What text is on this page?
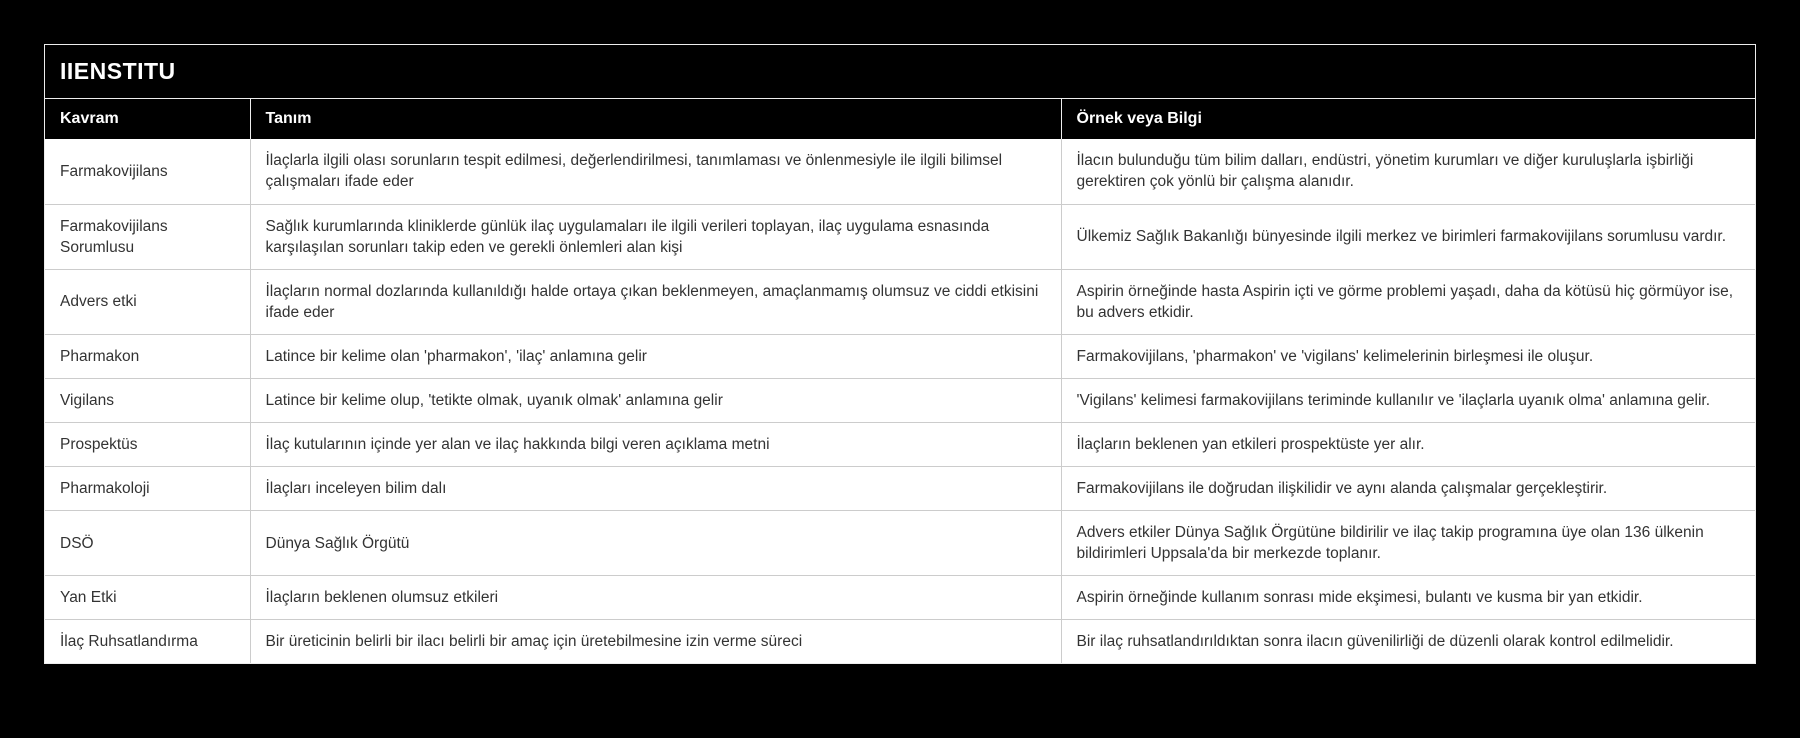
IIENSTITU
Kavram	Tanım	Örnek veya Bilgi
Farmakovijilans	İlaçlarla ilgili olası sorunların tespit edilmesi, değerlendirilmesi, tanımlaması ve önlenmesiyle ile ilgili bilimsel çalışmaları ifade eder	İlacın bulunduğu tüm bilim dalları, endüstri, yönetim kurumları ve diğer kuruluşlarla işbirliği gerektiren çok yönlü bir çalışma alanıdır.
Farmakovijilans Sorumlusu	Sağlık kurumlarında kliniklerde günlük ilaç uygulamaları ile ilgili verileri toplayan, ilaç uygulama esnasında karşılaşılan sorunları takip eden ve gerekli önlemleri alan kişi	Ülkemiz Sağlık Bakanlığı bünyesinde ilgili merkez ve birimleri farmakovijilans sorumlusu vardır.
Advers etki	İlaçların normal dozlarında kullanıldığı halde ortaya çıkan beklenmeyen, amaçlanmamış olumsuz ve ciddi etkisini ifade eder	Aspirin örneğinde hasta Aspirin içti ve görme problemi yaşadı, daha da kötüsü hiç görmüyor ise, bu advers etkidir.
Pharmakon	Latince bir kelime olan 'pharmakon', 'ilaç' anlamına gelir	Farmakovijilans, 'pharmakon' ve 'vigilans' kelimelerinin birleşmesi ile oluşur.
Vigilans	Latince bir kelime olup, 'tetikte olmak, uyanık olmak' anlamına gelir	'Vigilans' kelimesi farmakovijilans teriminde kullanılır ve 'ilaçlarla uyanık olma' anlamına gelir.
Prospektüs	İlaç kutularının içinde yer alan ve ilaç hakkında bilgi veren açıklama metni	İlaçların beklenen yan etkileri prospektüste yer alır.
Pharmakoloji	İlaçları inceleyen bilim dalı	Farmakovijilans ile doğrudan ilişkilidir ve aynı alanda çalışmalar gerçekleştirir.
DSÖ	Dünya Sağlık Örgütü	Advers etkiler Dünya Sağlık Örgütüne bildirilir ve ilaç takip programına üye olan 136 ülkenin bildirimleri Uppsala'da bir merkezde toplanır.
Yan Etki	İlaçların beklenen olumsuz etkileri	Aspirin örneğinde kullanım sonrası mide ekşimesi, bulantı ve kusma bir yan etkidir.
İlaç Ruhsatlandırma	Bir üreticinin belirli bir ilacı belirli bir amaç için üretebilmesine izin verme süreci	Bir ilaç ruhsatlandırıldıktan sonra ilacın güvenilirliği de düzenli olarak kontrol edilmelidir.
